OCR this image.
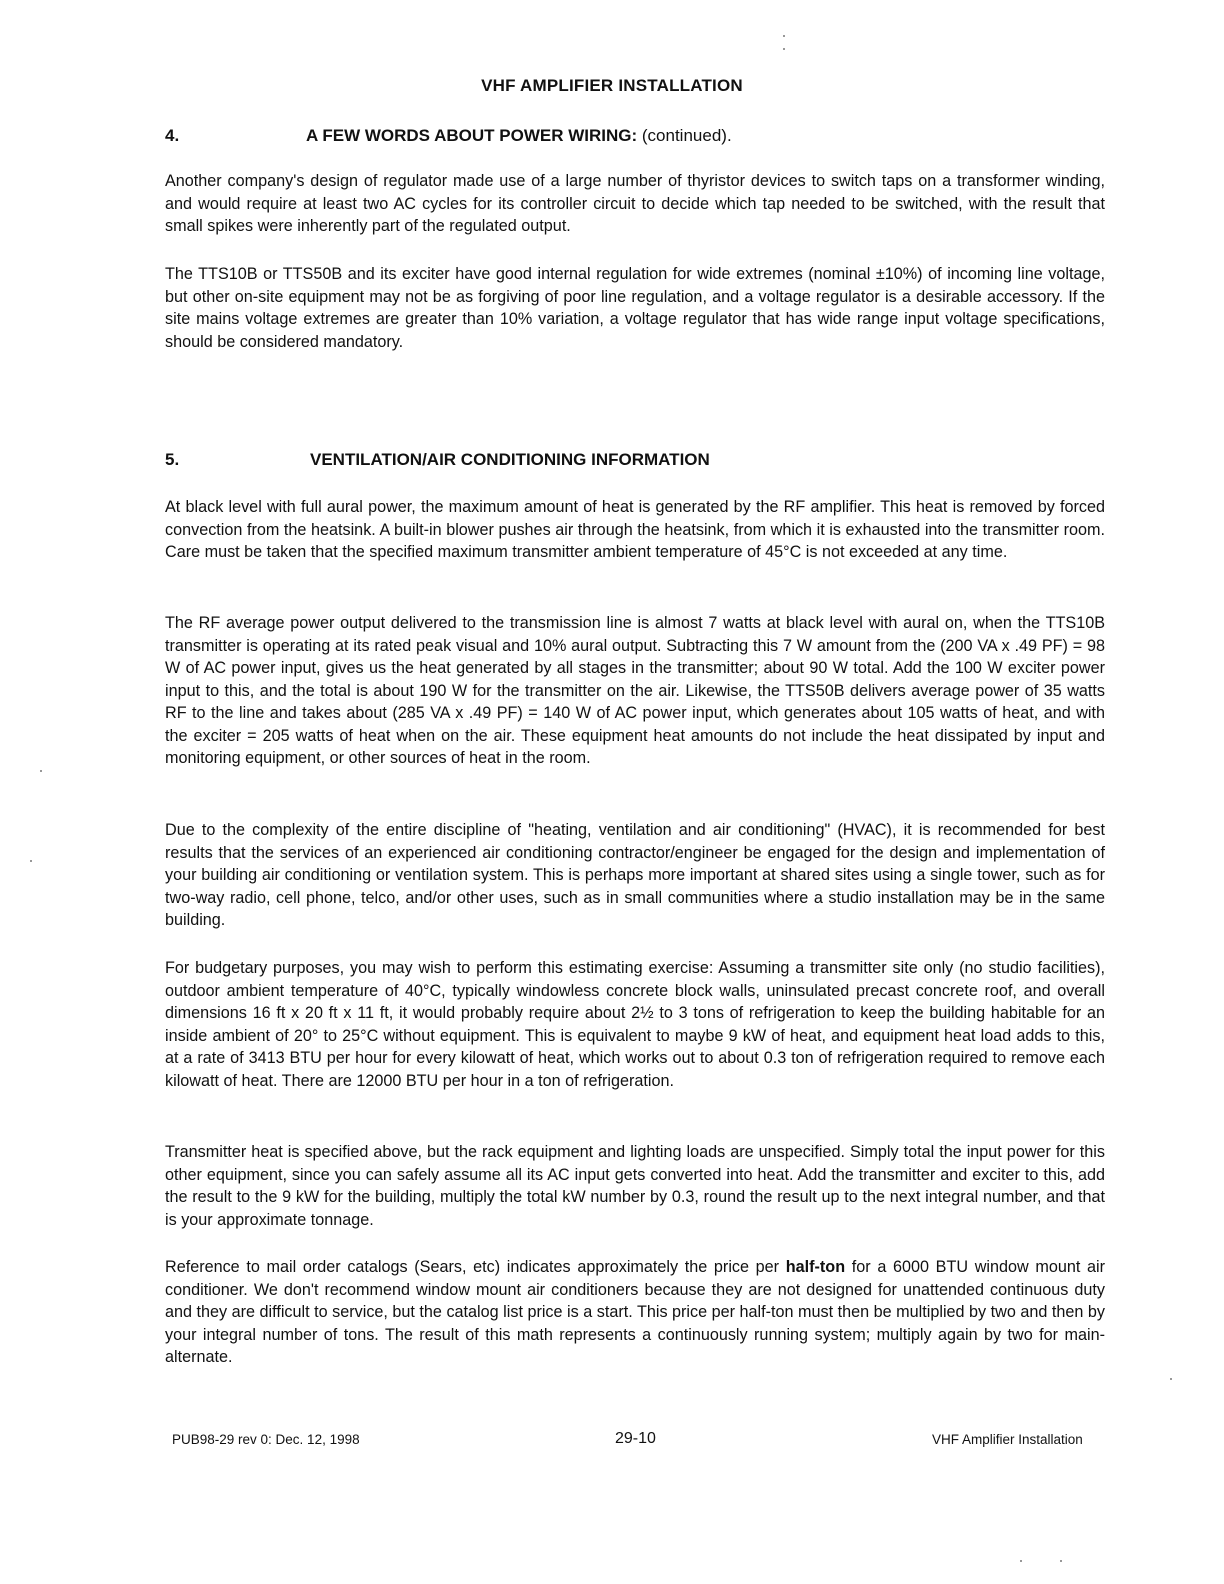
VHF AMPLIFIER INSTALLATION
4.	A FEW WORDS ABOUT POWER WIRING: (continued).

Another company's design of regulator made use of a large number of thyristor devices to switch taps on a transformer winding, and would require at least two AC cycles for its controller circuit to decide which tap needed to be switched, with the result that small spikes were inherently part of the regulated output.

The TTS10B or TTS50B and its exciter have good internal regulation for wide extremes (nominal ±10%) of incoming line voltage, but other on-site equipment may not be as forgiving of poor line regulation, and a voltage regulator is a desirable accessory. If the site mains voltage extremes are greater than 10% variation, a voltage regulator that has wide range input voltage specifications, should be considered mandatory.

5.	VENTILATION/AIR CONDITIONING INFORMATION

At black level with full aural power, the maximum amount of heat is generated by the RF amplifier. This heat is removed by forced convection from the heatsink. A built-in blower pushes air through the heatsink, from which it is exhausted into the transmitter room. Care must be taken that the specified maximum transmitter ambient temperature of 45°C is not exceeded at any time.

The RF average power output delivered to the transmission line is almost 7 watts at black level with aural on, when the TTS10B transmitter is operating at its rated peak visual and 10% aural output. Subtracting this 7 W amount from the (200 VA x .49 PF) = 98 W of AC power input, gives us the heat generated by all stages in the transmitter; about 90 W total. Add the 100 W exciter power input to this, and the total is about 190 W for the transmitter on the air. Likewise, the TTS50B delivers average power of 35 watts RF to the line and takes about (285 VA x .49 PF) = 140 W of AC power input, which generates about 105 watts of heat, and with the exciter = 205 watts of heat when on the air. These equipment heat amounts do not include the heat dissipated by input and monitoring equipment, or other sources of heat in the room.

Due to the complexity of the entire discipline of "heating, ventilation and air conditioning" (HVAC), it is recommended for best results that the services of an experienced air conditioning contractor/engineer be engaged for the design and implementation of your building air conditioning or ventilation system. This is perhaps more important at shared sites using a single tower, such as for two-way radio, cell phone, telco, and/or other uses, such as in small communities where a studio installation may be in the same building.

For budgetary purposes, you may wish to perform this estimating exercise: Assuming a transmitter site only (no studio facilities), outdoor ambient temperature of 40°C, typically windowless concrete block walls, uninsulated precast concrete roof, and overall dimensions 16 ft x 20 ft x 11 ft, it would probably require about 2½ to 3 tons of refrigeration to keep the building habitable for an inside ambient of 20° to 25°C without equipment. This is equivalent to maybe 9 kW of heat, and equipment heat load adds to this, at a rate of 3413 BTU per hour for every kilowatt of heat, which works out to about 0.3 ton of refrigeration required to remove each kilowatt of heat. There are 12000 BTU per hour in a ton of refrigeration.

Transmitter heat is specified above, but the rack equipment and lighting loads are unspecified. Simply total the input power for this other equipment, since you can safely assume all its AC input gets converted into heat. Add the transmitter and exciter to this, add the result to the 9 kW for the building, multiply the total kW number by 0.3, round the result up to the next integral number, and that is your approximate tonnage.

Reference to mail order catalogs (Sears, etc) indicates approximately the price per half-ton for a 6000 BTU window mount air conditioner. We don't recommend window mount air conditioners because they are not designed for unattended continuous duty and they are difficult to service, but the catalog list price is a start. This price per half-ton must then be multiplied by two and then by your integral number of tons. The result of this math represents a continuously running system; multiply again by two for main-alternate.

PUB98-29 rev 0: Dec. 12, 1998	29-10	VHF Amplifier Installation
